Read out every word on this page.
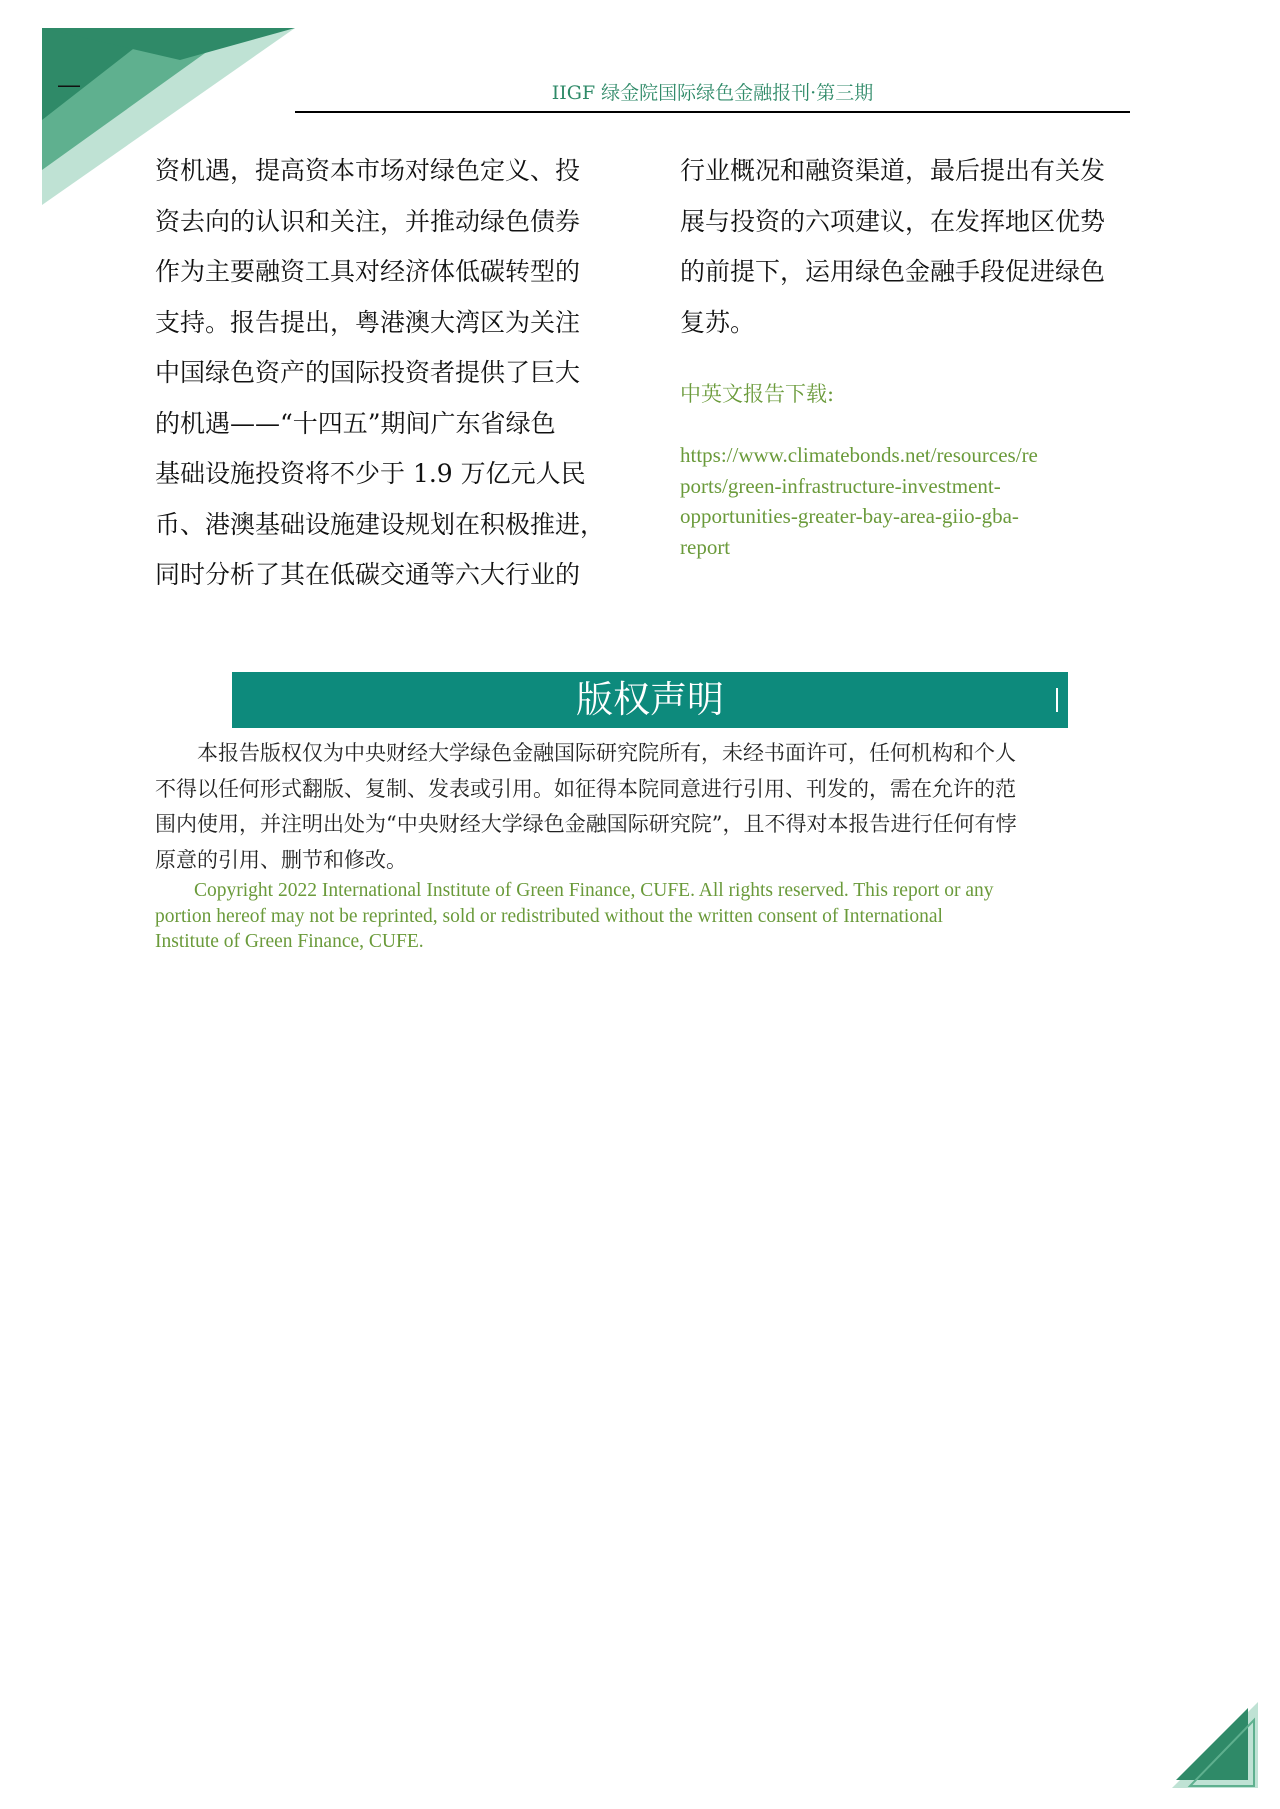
—	IIGF 绿金院国际绿色金融报刊·第三期

资机遇，提高资本市场对绿色定义、投

资去向的认识和关注，并推动绿色债券

作为主要融资工具对经济体低碳转型的

支持。报告提出，粤港澳大湾区为关注

中国绿色资产的国际投资者提供了巨大

的机遇——“十四五”期间广东省绿色

基础设施投资将不少于 1.9 万亿元人民

币、港澳基础设施建设规划在积极推进，

同时分析了其在低碳交通等六大行业的

行业概况和融资渠道，最后提出有关发

展与投资的六项建议，在发挥地区优势

的前提下，运用绿色金融手段促进绿色

复苏。

中英文报告下载:
https://www.climatebonds.net/resources/re
ports/green-infrastructure-investment-
opportunities-greater-bay-area-giio-gba-
report
版权声明
　　本报告版权仅为中央财经大学绿色金融国际研究院所有，未经书面许可，任何机构和个人
不得以任何形式翻版、复制、发表或引用。如征得本院同意进行引用、刊发的，需在允许的范
围内使用，并注明出处为“中央财经大学绿色金融国际研究院”，且不得对本报告进行任何有悖
原意的引用、删节和修改。
Copyright 2022 International Institute of Green Finance, CUFE. All rights reserved. This report or any
portion hereof may not be reprinted, sold or redistributed without the written consent of International
Institute of Green Finance, CUFE.
